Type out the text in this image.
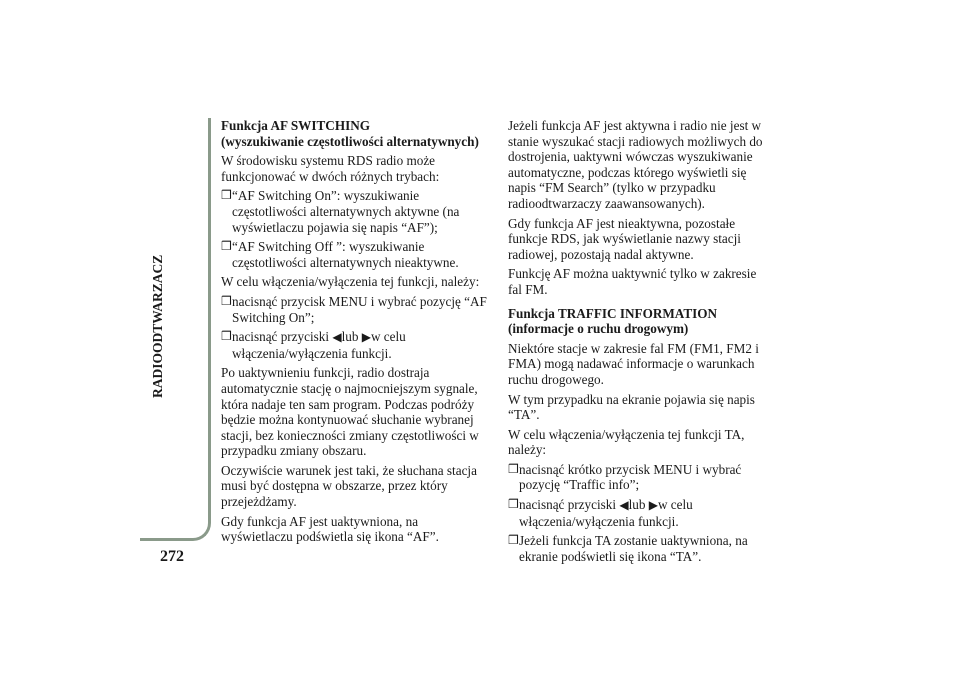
RADIOODTWARZACZ
272
Funkcja AF SWITCHING
(wyszukiwanie częstotliwości alternatywnych)

W środowisku systemu RDS radio może funkcjonować w dwóch różnych trybach:

❒ “AF Switching On”: wyszukiwanie częstotliwości alternatywnych aktywne (na wyświetlaczu pojawia się napis “AF”);
❒ “AF Switching Off ”: wyszukiwanie częstotliwości alternatywnych nieaktywne.

W celu włączenia/wyłączenia tej funkcji, należy:

❒ nacisnąć przycisk MENU i wybrać pozycję “AF Switching On”;
❒ nacisnąć przyciski ◀lub ▶w celu włączenia/wyłączenia funkcji.

Po uaktywnieniu funkcji, radio dostraja automatycznie stację o najmocniejszym sygnale, która nadaje ten sam program. Podczas podróży będzie można kontynuować słuchanie wybranej stacji, bez konieczności zmiany częstotliwości w przypadku zmiany obszaru.

Oczywiście warunek jest taki, że słuchana stacja musi być dostępna w obszarze, przez który przejeżdżamy.

Gdy funkcja AF jest uaktywniona, na wyświetlaczu podświetla się ikona “AF”.

Jeżeli funkcja AF jest aktywna i radio nie jest w stanie wyszukać stacji radiowych możliwych do dostrojenia, uaktywni wówczas wyszukiwanie automatyczne, podczas którego wyświetli się napis “FM Search” (tylko w przypadku radioodtwarzaczy zaawansowanych).

Gdy funkcja AF jest nieaktywna, pozostałe funkcje RDS, jak wyświetlanie nazwy stacji radiowej, pozostają nadal aktywne.

Funkcję AF można uaktywnić tylko w zakresie fal FM.

Funkcja TRAFFIC INFORMATION
(informacje o ruchu drogowym)

Niektóre stacje w zakresie fal FM (FM1, FM2 i FMA) mogą nadawać informacje o warunkach ruchu drogowego.

W tym przypadku na ekranie pojawia się napis “TA”.

W celu włączenia/wyłączenia tej funkcji TA, należy:

❒ nacisnąć krótko przycisk MENU i wybrać pozycję “Traffic info”;
❒ nacisnąć przyciski ◀lub ▶w celu włączenia/wyłączenia funkcji.
❒ Jeżeli funkcja TA zostanie uaktywniona, na ekranie podświetli się ikona “TA”.
